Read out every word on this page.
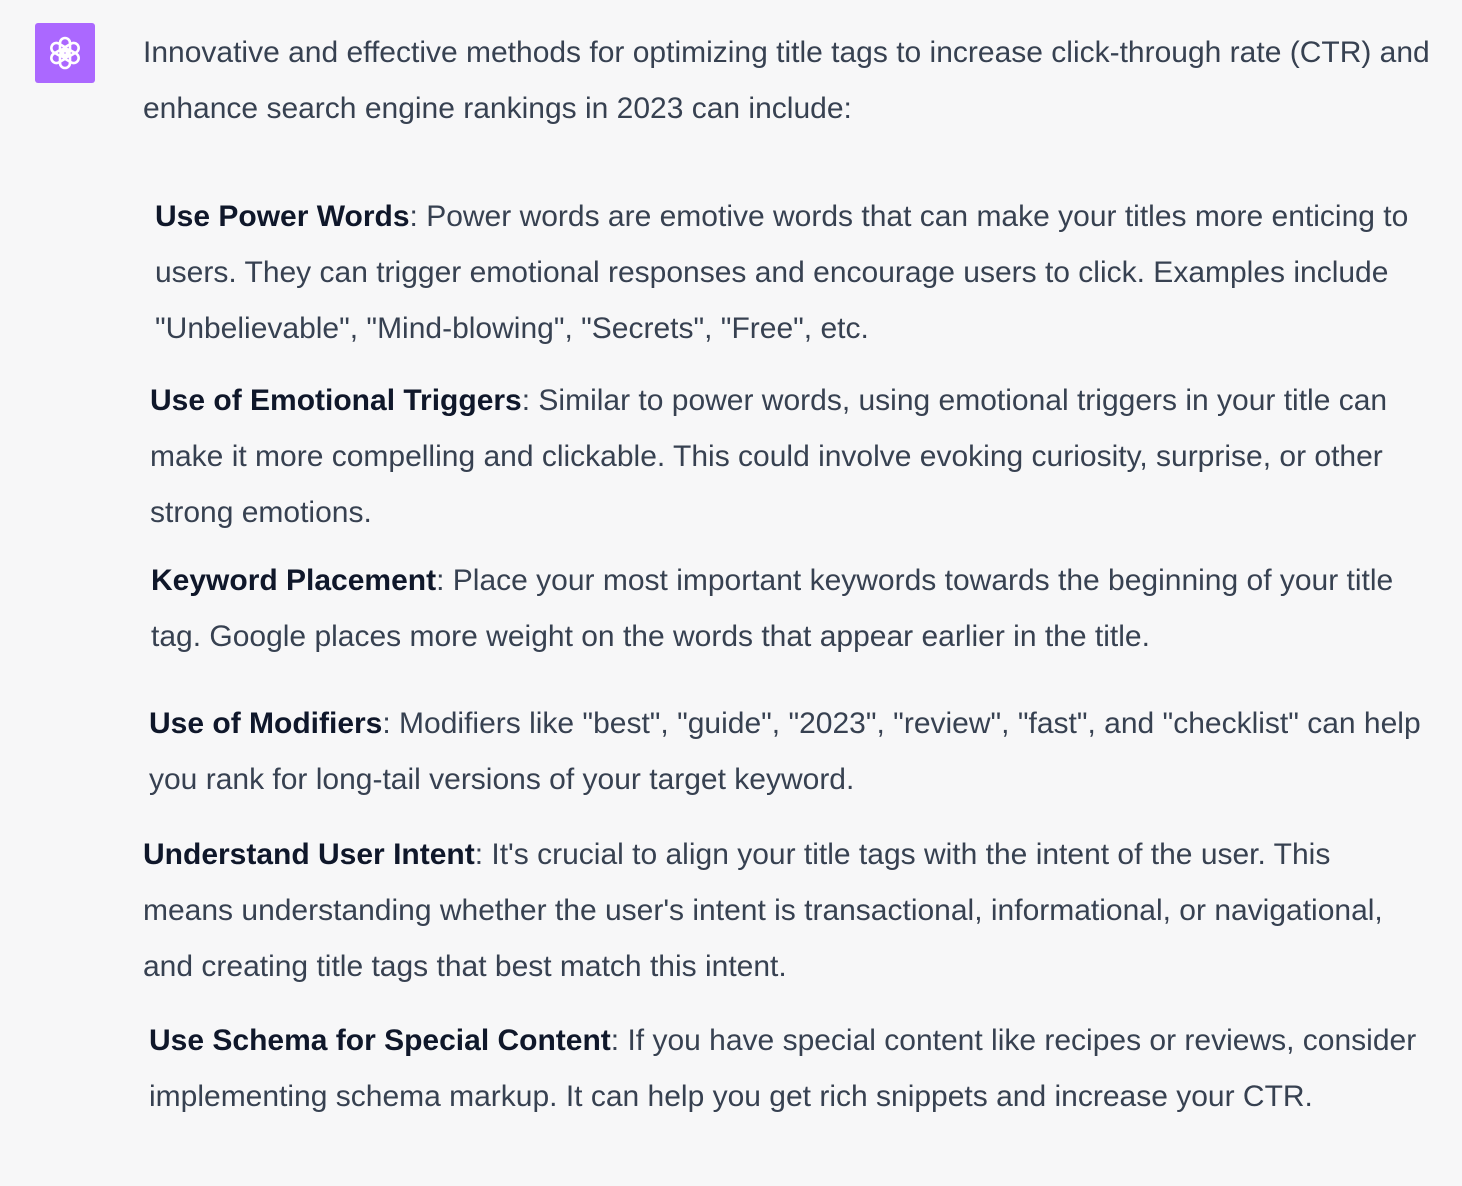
Innovative and effective methods for optimizing title tags to increase click-through rate (CTR) and enhance search engine rankings in 2023 can include:

Use Power Words: Power words are emotive words that can make your titles more enticing to users. They can trigger emotional responses and encourage users to click. Examples include "Unbelievable", "Mind-blowing", "Secrets", "Free", etc.

Use of Emotional Triggers: Similar to power words, using emotional triggers in your title can make it more compelling and clickable. This could involve evoking curiosity, surprise, or other strong emotions.

Keyword Placement: Place your most important keywords towards the beginning of your title tag. Google places more weight on the words that appear earlier in the title.

Use of Modifiers: Modifiers like "best", "guide", "2023", "review", "fast", and "checklist" can help you rank for long-tail versions of your target keyword.

Understand User Intent: It's crucial to align your title tags with the intent of the user. This means understanding whether the user's intent is transactional, informational, or navigational, and creating title tags that best match this intent.

Use Schema for Special Content: If you have special content like recipes or reviews, consider implementing schema markup. It can help you get rich snippets and increase your CTR.
